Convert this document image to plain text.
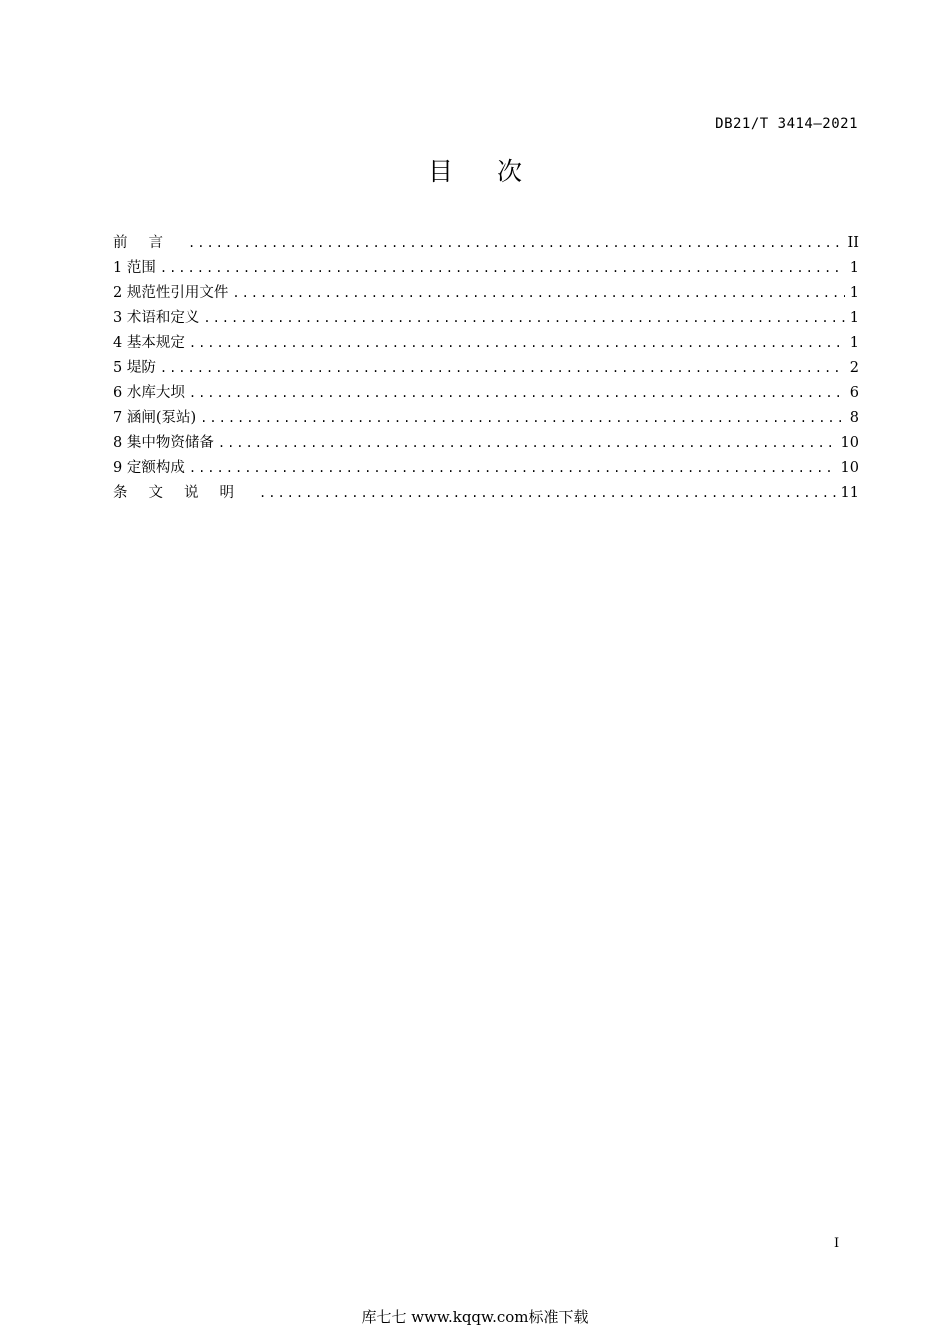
DB21/T 3414—2021
目 次
前言 .....	II
1 范围 .....	1
2 规范性引用文件 .....	1
3 术语和定义 .....	1
4 基本规定 .....	1
5 堤防 .....	2
6 水库大坝 .....	6
7 涵闸(泵站) .....	8
8 集中物资储备 .....	10
9 定额构成 .....	10
条文说明 .....	11
I
库七七 www.kqqw.com标准下载
